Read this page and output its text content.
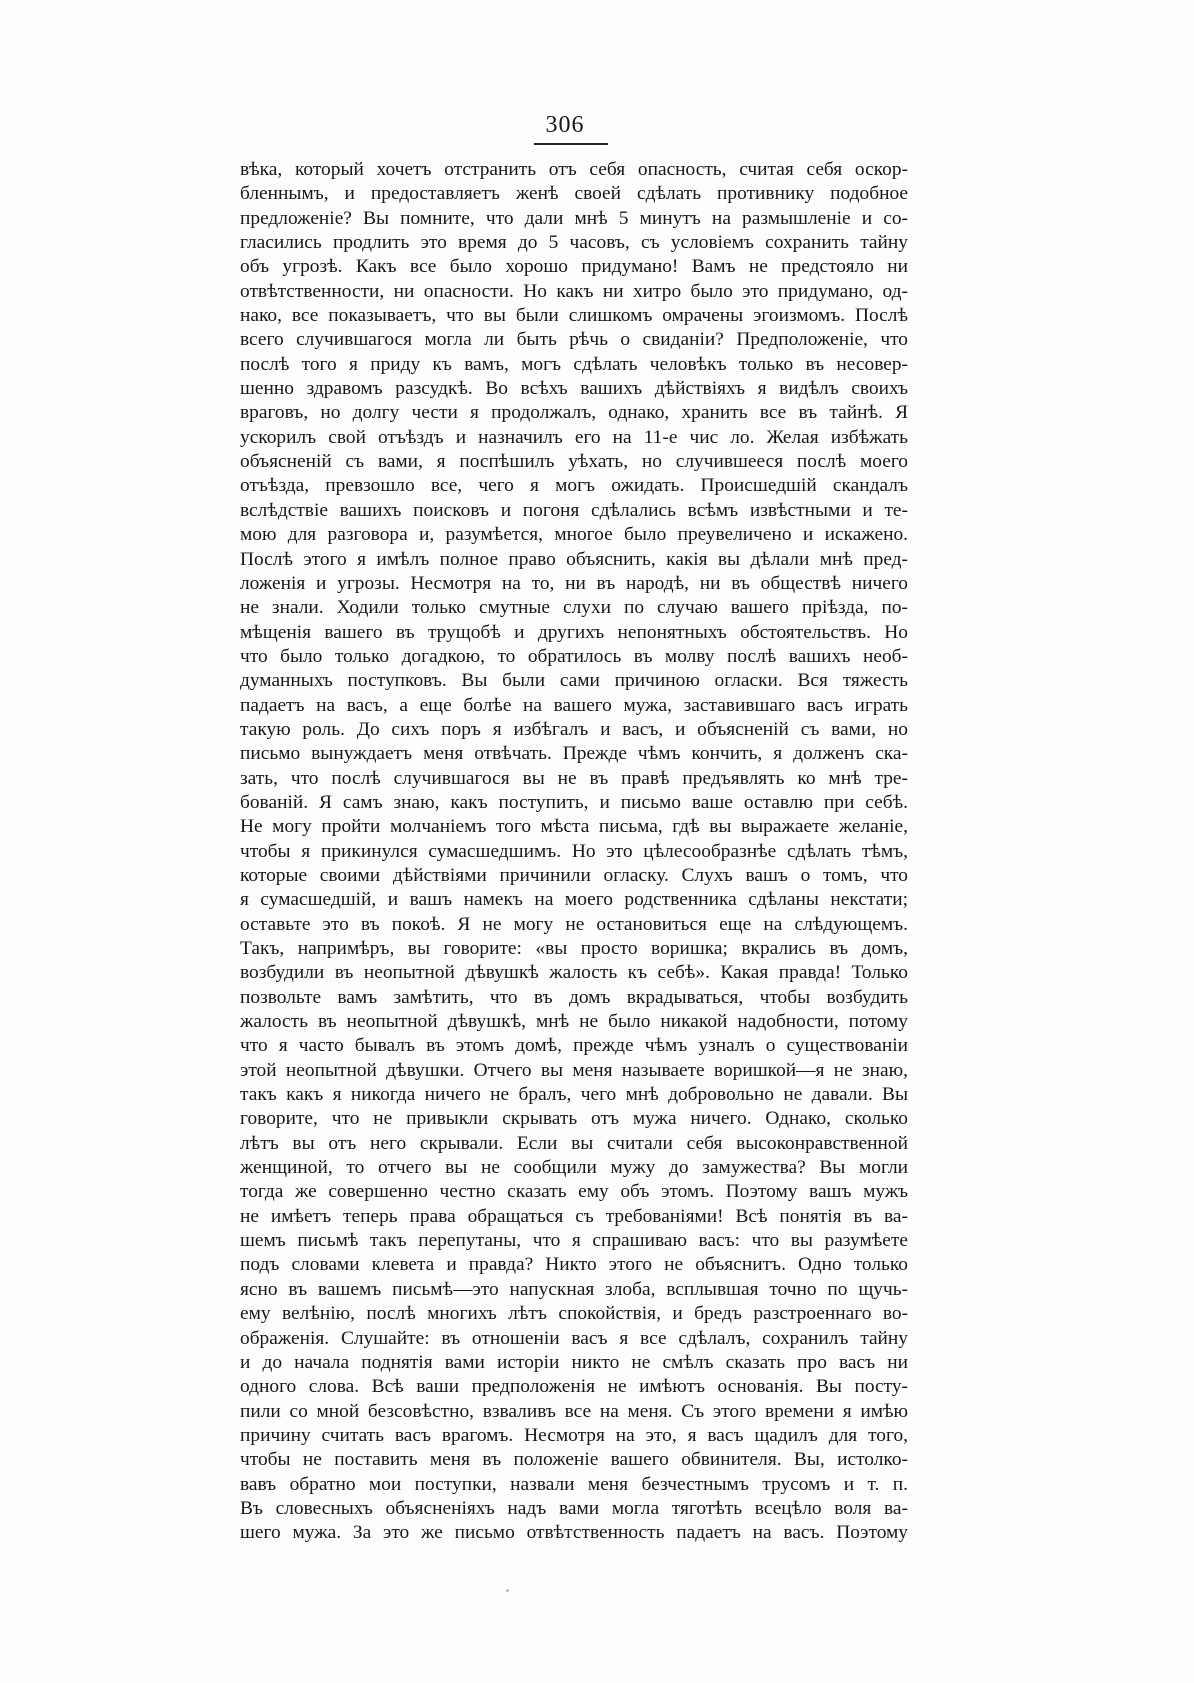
306
вѣка, который хочетъ отстранить отъ себя опасность, считая себя оскор-
бленнымъ, и предоставляетъ женѣ своей сдѣлать противнику подобное
предложеніе? Вы помните, что дали мнѣ 5 минутъ на размышленіе и со-
гласились продлить это время до 5 часовъ, съ условіемъ сохранить тайну
объ угрозѣ. Какъ все было хорошо придумано! Вамъ не предстояло ни
отвѣтственности, ни опасности. Но какъ ни хитро было это придумано, од-
нако, все показываетъ, что вы были слишкомъ омрачены эгоизмомъ. Послѣ
всего случившагося могла ли быть рѣчь о свиданіи? Предположеніе, что
послѣ того я приду къ вамъ, могъ сдѣлать человѣкъ только въ несовер-
шенно здравомъ разсудкѣ. Во всѣхъ вашихъ дѣйствіяхъ я видѣлъ своихъ
враговъ, но долгу чести я продолжалъ, однако, хранить все въ тайнѣ. Я
ускорилъ свой отъѣздъ и назначилъ его на 11-е чис ло. Желая избѣжать
объясненій съ вами, я поспѣшилъ уѣхать, но случившееся послѣ моего
отъѣзда, превзошло все, чего я могъ ожидать. Происшедшій скандалъ
вслѣдствіе вашихъ поисковъ и погоня сдѣлались всѣмъ извѣстными и те-
мою для разговора и, разумѣется, многое было преувеличено и искажено.
Послѣ этого я имѣлъ полное право объяснить, какія вы дѣлали мнѣ пред-
ложенія и угрозы. Несмотря на то, ни въ народѣ, ни въ обществѣ ничего
не знали. Ходили только смутные слухи по случаю вашего пріѣзда, по-
мѣщенія вашего въ трущобѣ и другихъ непонятныхъ обстоятельствъ. Но
что было только догадкою, то обратилось въ молву послѣ вашихъ необ-
думанныхъ поступковъ. Вы были сами причиною огласки. Вся тяжесть
падаетъ на васъ, а еще болѣе на вашего мужа, заставившаго васъ играть
такую роль. До сихъ поръ я избѣгалъ и васъ, и объясненій съ вами, но
письмо вынуждаетъ меня отвѣчать. Прежде чѣмъ кончить, я долженъ ска-
зать, что послѣ случившагося вы не въ правѣ предъявлять ко мнѣ тре-
бованій. Я самъ знаю, какъ поступить, и письмо ваше оставлю при себѣ.
Не могу пройти молчаніемъ того мѣста письма, гдѣ вы выражаете желаніе,
чтобы я прикинулся сумасшедшимъ. Но это цѣлесообразнѣе сдѣлать тѣмъ,
которые своими дѣйствіями причинили огласку. Слухъ вашъ о томъ, что
я сумасшедшій, и вашъ намекъ на моего родственника сдѣланы некстати;
оставьте это въ покоѣ. Я не могу не остановиться еще на слѣдующемъ.
Такъ, напримѣръ, вы говорите: «вы просто воришка; вкрались въ домъ,
возбудили въ неопытной дѣвушкѣ жалость къ себѣ». Какая правда! Только
позвольте вамъ замѣтить, что въ домъ вкрадываться, чтобы возбудить
жалость въ неопытной дѣвушкѣ, мнѣ не было никакой надобности, потому
что я часто бывалъ въ этомъ домѣ, прежде чѣмъ узналъ о существованіи
этой неопытной дѣвушки. Отчего вы меня называете воришкой—я не знаю,
такъ какъ я никогда ничего не бралъ, чего мнѣ добровольно не давали. Вы
говорите, что не привыкли скрывать отъ мужа ничего. Однако, сколько
лѣтъ вы отъ него скрывали. Если вы считали себя высоконравственной
женщиной, то отчего вы не сообщили мужу до замужества? Вы могли
тогда же совершенно честно сказать ему объ этомъ. Поэтому вашъ мужъ
не имѣетъ теперь права обращаться съ требованіями! Всѣ понятія въ ва-
шемъ письмѣ такъ перепутаны, что я спрашиваю васъ: что вы разумѣете
подъ словами клевета и правда? Никто этого не объяснитъ. Одно только
ясно въ вашемъ письмѣ—это напускная злоба, всплывшая точно по щучь-
ему велѣнію, послѣ многихъ лѣтъ спокойствія, и бредъ разстроеннаго во-
ображенія. Слушайте: въ отношеніи васъ я все сдѣлалъ, сохранилъ тайну
и до начала поднятія вами исторіи никто не смѣлъ сказать про васъ ни
одного слова. Всѣ ваши предположенія не имѣютъ основанія. Вы посту-
пили со мной безсовѣстно, взваливъ все на меня. Съ этого времени я имѣю
причину считать васъ врагомъ. Несмотря на это, я васъ щадилъ для того,
чтобы не поставить меня въ положеніе вашего обвинителя. Вы, истолко-
вавъ обратно мои поступки, назвали меня безчестнымъ трусомъ и т. п.
Въ словесныхъ объясненіяхъ надъ вами могла тяготѣть всецѣло воля ва-
шего мужа. За это же письмо отвѣтственность падаетъ на васъ. Поэтому
